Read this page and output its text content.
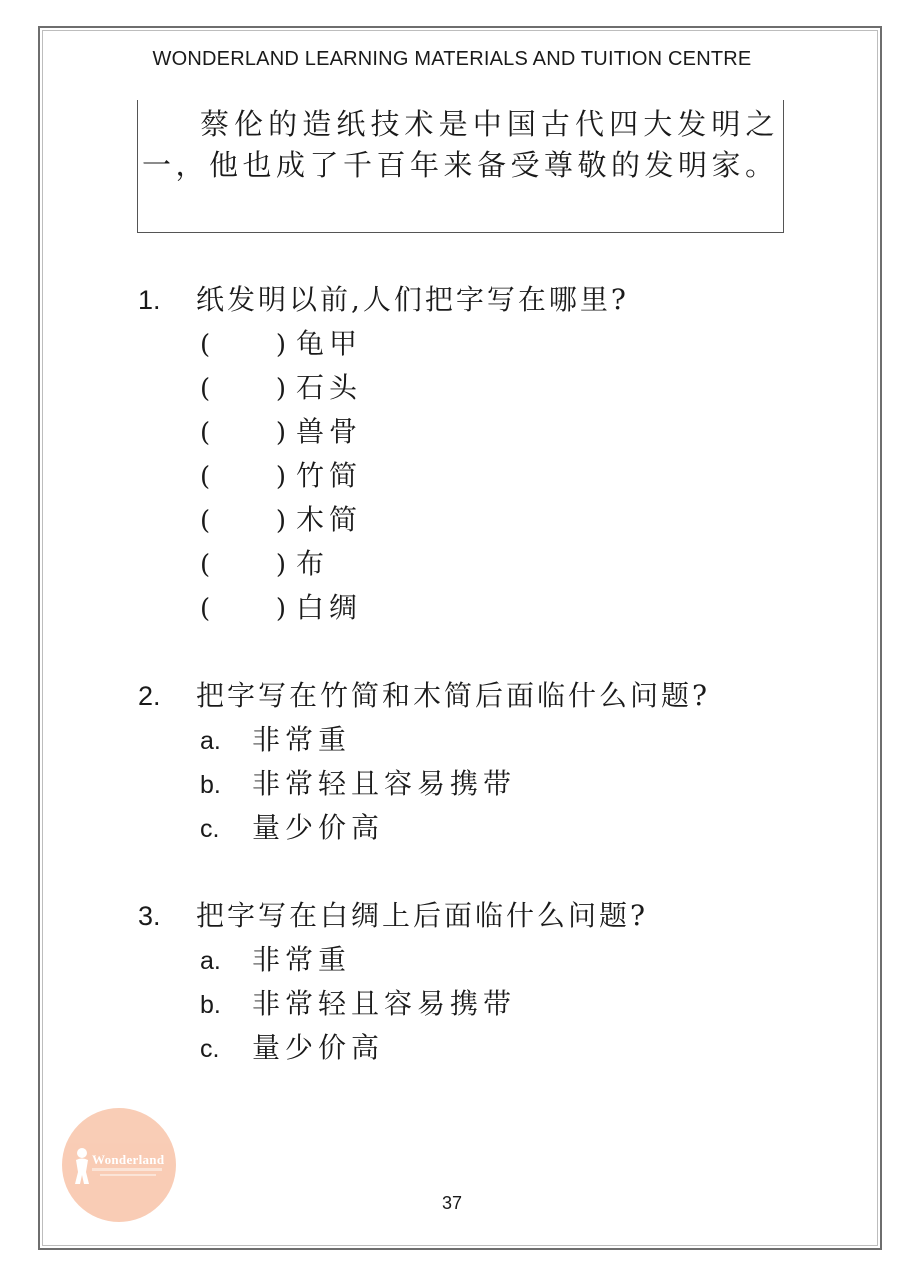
WONDERLAND LEARNING MATERIALS AND TUITION CENTRE
蔡伦的造纸技术是中国古代四大发明之一，他也成了千百年来备受尊敬的发明家。
1.	纸发明以前,人们把字写在哪里?
(	) 龟甲
(	) 石头
(	) 兽骨
(	) 竹简
(	) 木简
(	) 布
(	) 白绸
2.	把字写在竹简和木简后面临什么问题?
a.	非常重
b.	非常轻且容易携带
c.	量少价高
3.	把字写在白绸上后面临什么问题?
a.	非常重
b.	非常轻且容易携带
c.	量少价高
Wonderland
37
